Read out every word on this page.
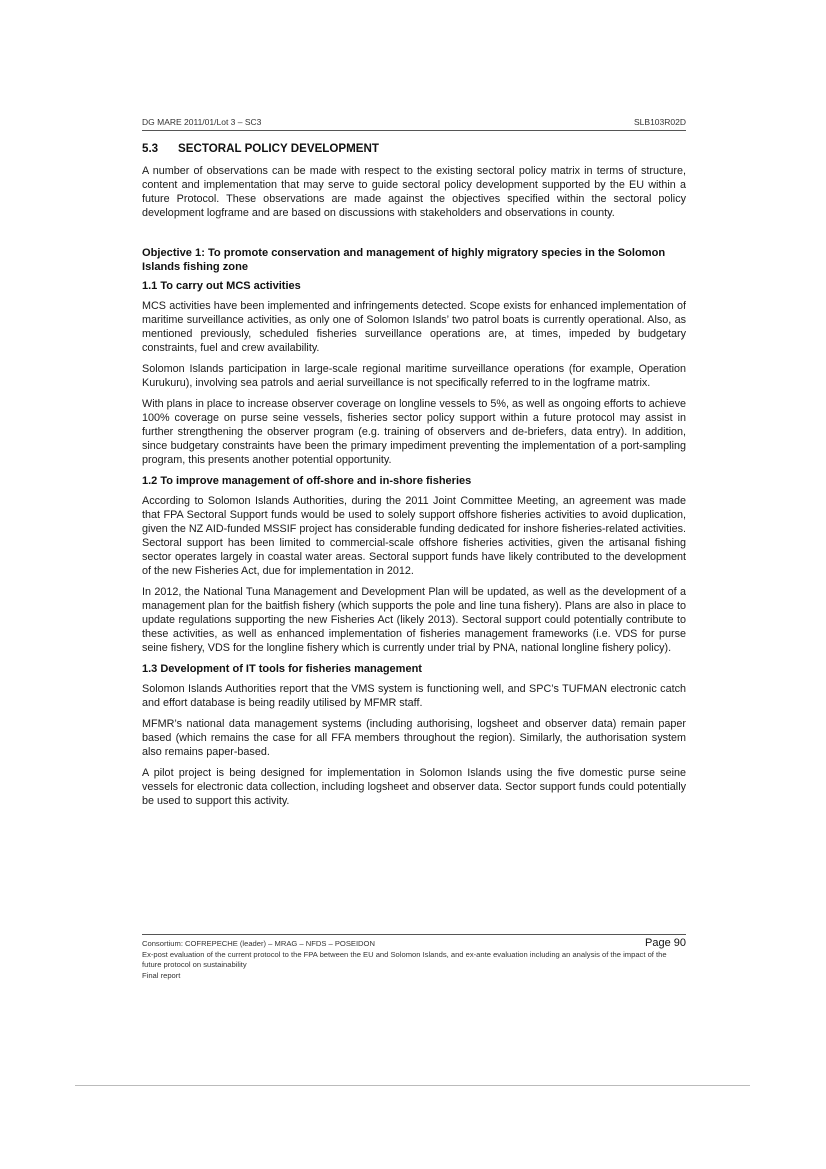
DG MARE 2011/01/Lot 3 – SC3	SLB103R02D
5.3 SECTORAL POLICY DEVELOPMENT

A number of observations can be made with respect to the existing sectoral policy matrix in terms of structure, content and implementation that may serve to guide sectoral policy development supported by the EU within a future Protocol. These observations are made against the objectives specified within the sectoral policy development logframe and are based on discussions with stakeholders and observations in county.

Objective 1: To promote conservation and management of highly migratory species in the Solomon Islands fishing zone
1.1 To carry out MCS activities

MCS activities have been implemented and infringements detected. Scope exists for enhanced implementation of maritime surveillance activities, as only one of Solomon Islands’ two patrol boats is currently operational. Also, as mentioned previously, scheduled fisheries surveillance operations are, at times, impeded by budgetary constraints, fuel and crew availability.

Solomon Islands participation in large-scale regional maritime surveillance operations (for example, Operation Kurukuru), involving sea patrols and aerial surveillance is not specifically referred to in the logframe matrix.

With plans in place to increase observer coverage on longline vessels to 5%, as well as ongoing efforts to achieve 100% coverage on purse seine vessels, fisheries sector policy support within a future protocol may assist in further strengthening the observer program (e.g. training of observers and de-briefers, data entry). In addition, since budgetary constraints have been the primary impediment preventing the implementation of a port-sampling program, this presents another potential opportunity.

1.2 To improve management of off-shore and in-shore fisheries

According to Solomon Islands Authorities, during the 2011 Joint Committee Meeting, an agreement was made that FPA Sectoral Support funds would be used to solely support offshore fisheries activities to avoid duplication, given the NZ AID-funded MSSIF project has considerable funding dedicated for inshore fisheries-related activities. Sectoral support has been limited to commercial-scale offshore fisheries activities, given the artisanal fishing sector operates largely in coastal water areas. Sectoral support funds have likely contributed to the development of the new Fisheries Act, due for implementation in 2012.

In 2012, the National Tuna Management and Development Plan will be updated, as well as the development of a management plan for the baitfish fishery (which supports the pole and line tuna fishery). Plans are also in place to update regulations supporting the new Fisheries Act (likely 2013). Sectoral support could potentially contribute to these activities, as well as enhanced implementation of fisheries management frameworks (i.e. VDS for purse seine fishery, VDS for the longline fishery which is currently under trial by PNA, national longline fishery policy).

1.3 Development of IT tools for fisheries management

Solomon Islands Authorities report that the VMS system is functioning well, and SPC’s TUFMAN electronic catch and effort database is being readily utilised by MFMR staff.

MFMR’s national data management systems (including authorising, logsheet and observer data) remain paper based (which remains the case for all FFA members throughout the region). Similarly, the authorisation system also remains paper-based.

A pilot project is being designed for implementation in Solomon Islands using the five domestic purse seine vessels for electronic data collection, including logsheet and observer data. Sector support funds could potentially be used to support this activity.

Consortium: COFREPECHE (leader) – MRAG – NFDS – POSEIDON	Page 90
Ex-post evaluation of the current protocol to the FPA between the EU and Solomon Islands, and ex-ante evaluation including an analysis of the impact of the future protocol on sustainability
Final report
